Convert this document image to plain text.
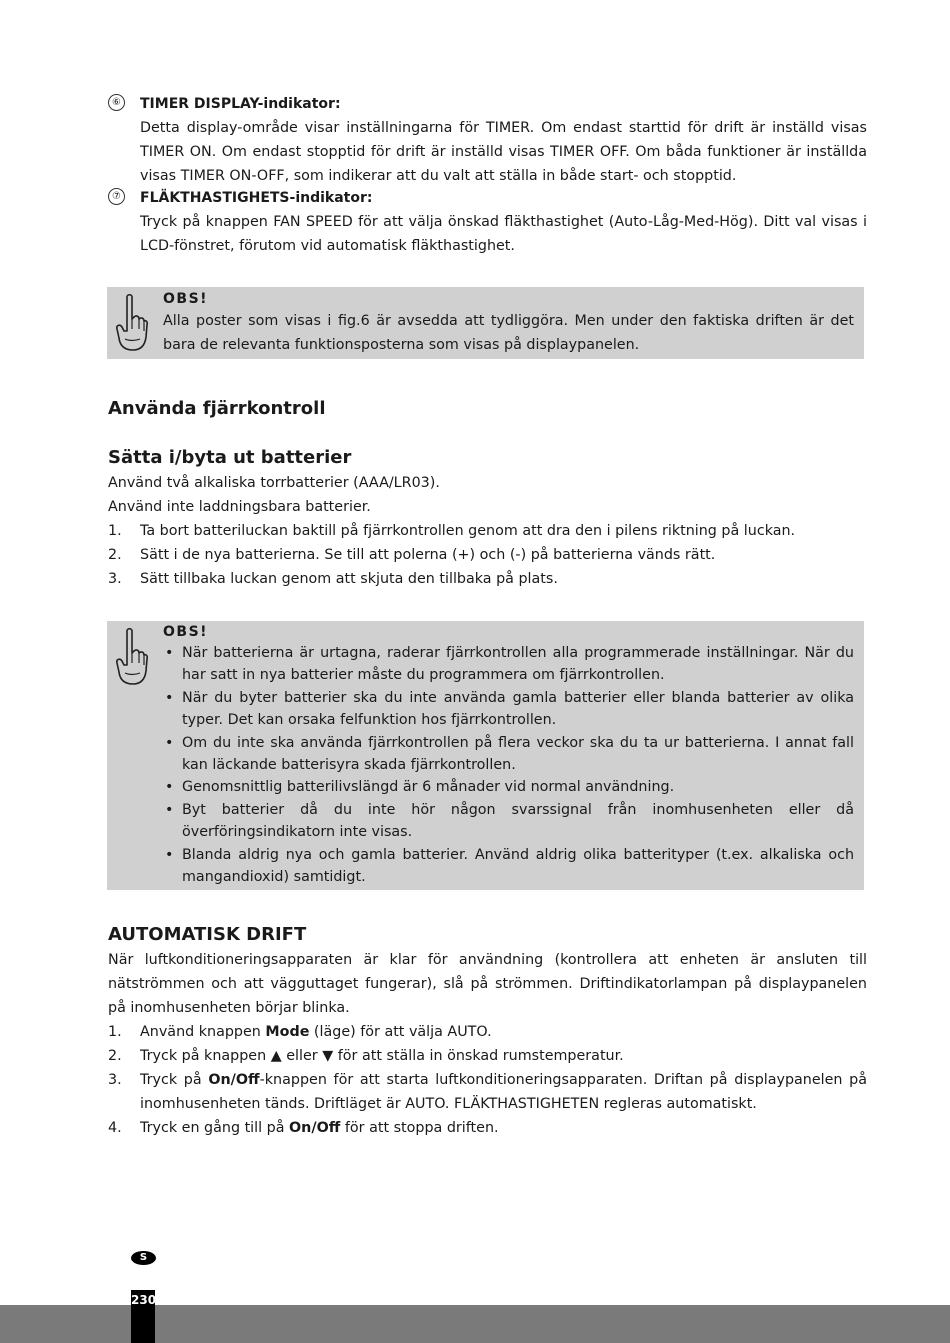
⑥ TIMER DISPLAY-indikator:
Detta display-område visar inställningarna för TIMER. Om endast starttid för drift är inställd visas TIMER ON. Om endast stopptid för drift är inställd visas TIMER OFF. Om båda funktioner är inställda visas TIMER ON-OFF, som indikerar att du valt att ställa in både start- och stopptid.
⑦ FLÄKTHASTIGHETS-indikator:
Tryck på knappen FAN SPEED för att välja önskad fläkthastighet (Auto-Låg-Med-Hög). Ditt val visas i LCD-fönstret, förutom vid automatisk fläkthastighet.
OBS!
Alla poster som visas i fig.6 är avsedda att tydliggöra. Men under den faktiska driften är det bara de relevanta funktionsposterna som visas på displaypanelen.
Använda fjärrkontroll
Sätta i/byta ut batterier
Använd två alkaliska torrbatterier (AAA/LR03).
Använd inte laddningsbara batterier.
1. Ta bort batteriluckan baktill på fjärrkontrollen genom att dra den i pilens riktning på luckan.
2. Sätt i de nya batterierna. Se till att polerna (+) och (-) på batterierna vänds rätt.
3. Sätt tillbaka luckan genom att skjuta den tillbaka på plats.
OBS!
• När batterierna är urtagna, raderar fjärrkontrollen alla programmerade inställningar. När du har satt in nya batterier måste du programmera om fjärrkontrollen.
• När du byter batterier ska du inte använda gamla batterier eller blanda batterier av olika typer. Det kan orsaka felfunktion hos fjärrkontrollen.
• Om du inte ska använda fjärrkontrollen på flera veckor ska du ta ur batterierna. I annat fall kan läckande batterisyra skada fjärrkontrollen.
• Genomsnittlig batterilivslängd är 6 månader vid normal användning.
• Byt batterier då du inte hör någon svarssignal från inomhusenheten eller då överföringsindikatorn inte visas.
• Blanda aldrig nya och gamla batterier. Använd aldrig olika batterityper (t.ex. alkaliska och mangandioxid) samtidigt.
AUTOMATISK DRIFT
När luftkonditioneringsapparaten är klar för användning (kontrollera att enheten är ansluten till nätströmmen och att vägguttaget fungerar), slå på strömmen. Driftindikatorlampan på displaypanelen på inomhusenheten börjar blinka.
1. Använd knappen Mode (läge) för att välja AUTO.
2. Tryck på knappen ▲ eller ▼ för att ställa in önskad rumstemperatur.
3. Tryck på On/Off-knappen för att starta luftkonditioneringsapparaten. Driftan på displaypanelen på inomhusenheten tänds. Driftläget är AUTO. FLÄKTHASTIGHETEN regleras automatiskt.
4. Tryck en gång till på On/Off för att stoppa driften.
S
230
